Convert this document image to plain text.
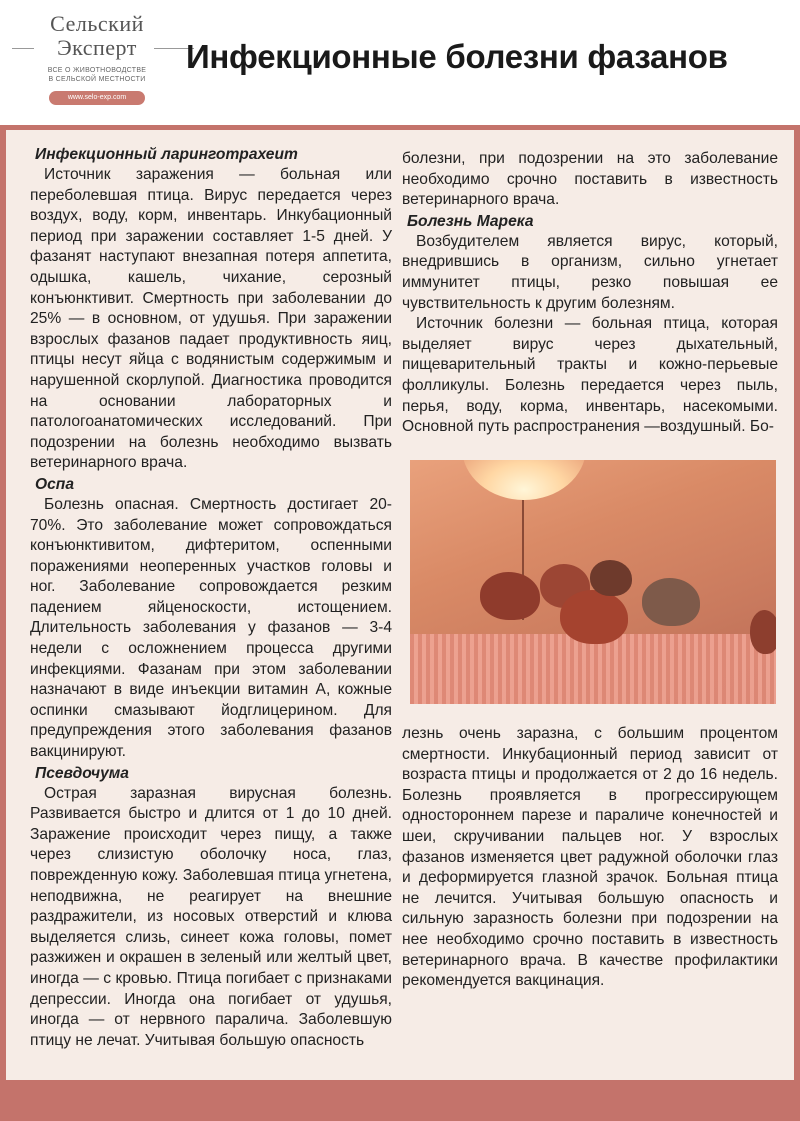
Сельский
Эксперт
ВСЕ О ЖИВОТНОВОДСТВЕ
В СЕЛЬСКОЙ МЕСТНОСТИ
www.selo-exp.com
Инфекционные болезни фазанов
Инфекционный ларинготрахеит

Источник заражения — больная или переболевшая птица. Вирус передается через воздух, воду, корм, инвентарь. Инкубационный период при заражении составляет 1-5 дней. У фазанят наступают внезапная потеря аппетита, одышка, кашель, чихание, серозный конъюнктивит. Смертность при заболевании до 25% — в основном, от удушья. При заражении взрослых фазанов падает продуктивность яиц, птицы несут яйца с водянистым содержимым и нарушенной скорлупой. Диагностика проводится на основании лабораторных и патологоанатомических исследований. При подозрении на болезнь необходимо вызвать ветеринарного врача.

Оспа

Болезнь опасная. Смертность достигает 20-70%. Это заболевание может сопровождаться конъюнктивитом, дифтеритом, оспенными поражениями неоперенных участков головы и ног. Заболевание сопровождается резким падением яйценоскости, истощением. Длительность заболевания у фазанов — 3-4 недели с осложнением процесса другими инфекциями. Фазанам при этом заболевании назначают в виде инъекции витамин А, кожные оспинки смазывают йодглицерином. Для предупреждения этого заболевания фазанов вакцинируют.

Псевдочума

Острая заразная вирусная болезнь. Развивается быстро и длится от 1 до 10 дней. Заражение происходит через пищу, а также через слизистую оболочку носа, глаз, поврежденную кожу. Заболевшая птица угнетена, неподвижна, не реагирует на внешние раздражители, из носовых отверстий и клюва выделяется слизь, синеет кожа головы, помет разжижен и окрашен в зеленый или желтый цвет, иногда — с кровью. Птица погибает с признаками депрессии. Иногда она погибает от удушья, иногда — от нервного паралича. Заболевшую птицу не лечат. Учитывая большую опасность

болезни, при подозрении на это заболевание необходимо срочно поставить в известность ветеринарного врача.

Болезнь Марека

Возбудителем является вирус, который, внедрившись в организм, сильно угнетает иммунитет птицы, резко повышая ее чувствительность к другим болезням.

Источник болезни — больная птица, которая выделяет вирус через дыхательный, пищеварительный тракты и кожно-перьевые фолликулы. Болезнь передается через пыль, перья, воду, корма, инвентарь, насекомыми. Основной путь распространения —воздушный. Бо-

лезнь очень заразна, с большим процентом смертности. Инкубационный период зависит от возраста птицы и продолжается от 2 до 16 недель. Болезнь проявляется в прогрессирующем одностороннем парезе и параличе конечностей и шеи, скручивании пальцев ног. У взрослых фазанов изменяется цвет радужной оболочки глаз и деформируется глазной зрачок. Больная птица не лечится. Учитывая большую опасность и сильную заразность болезни при подозрении на нее необходимо срочно поставить в известность ветеринарного врача. В качестве профилактики рекомендуется вакцинация.
